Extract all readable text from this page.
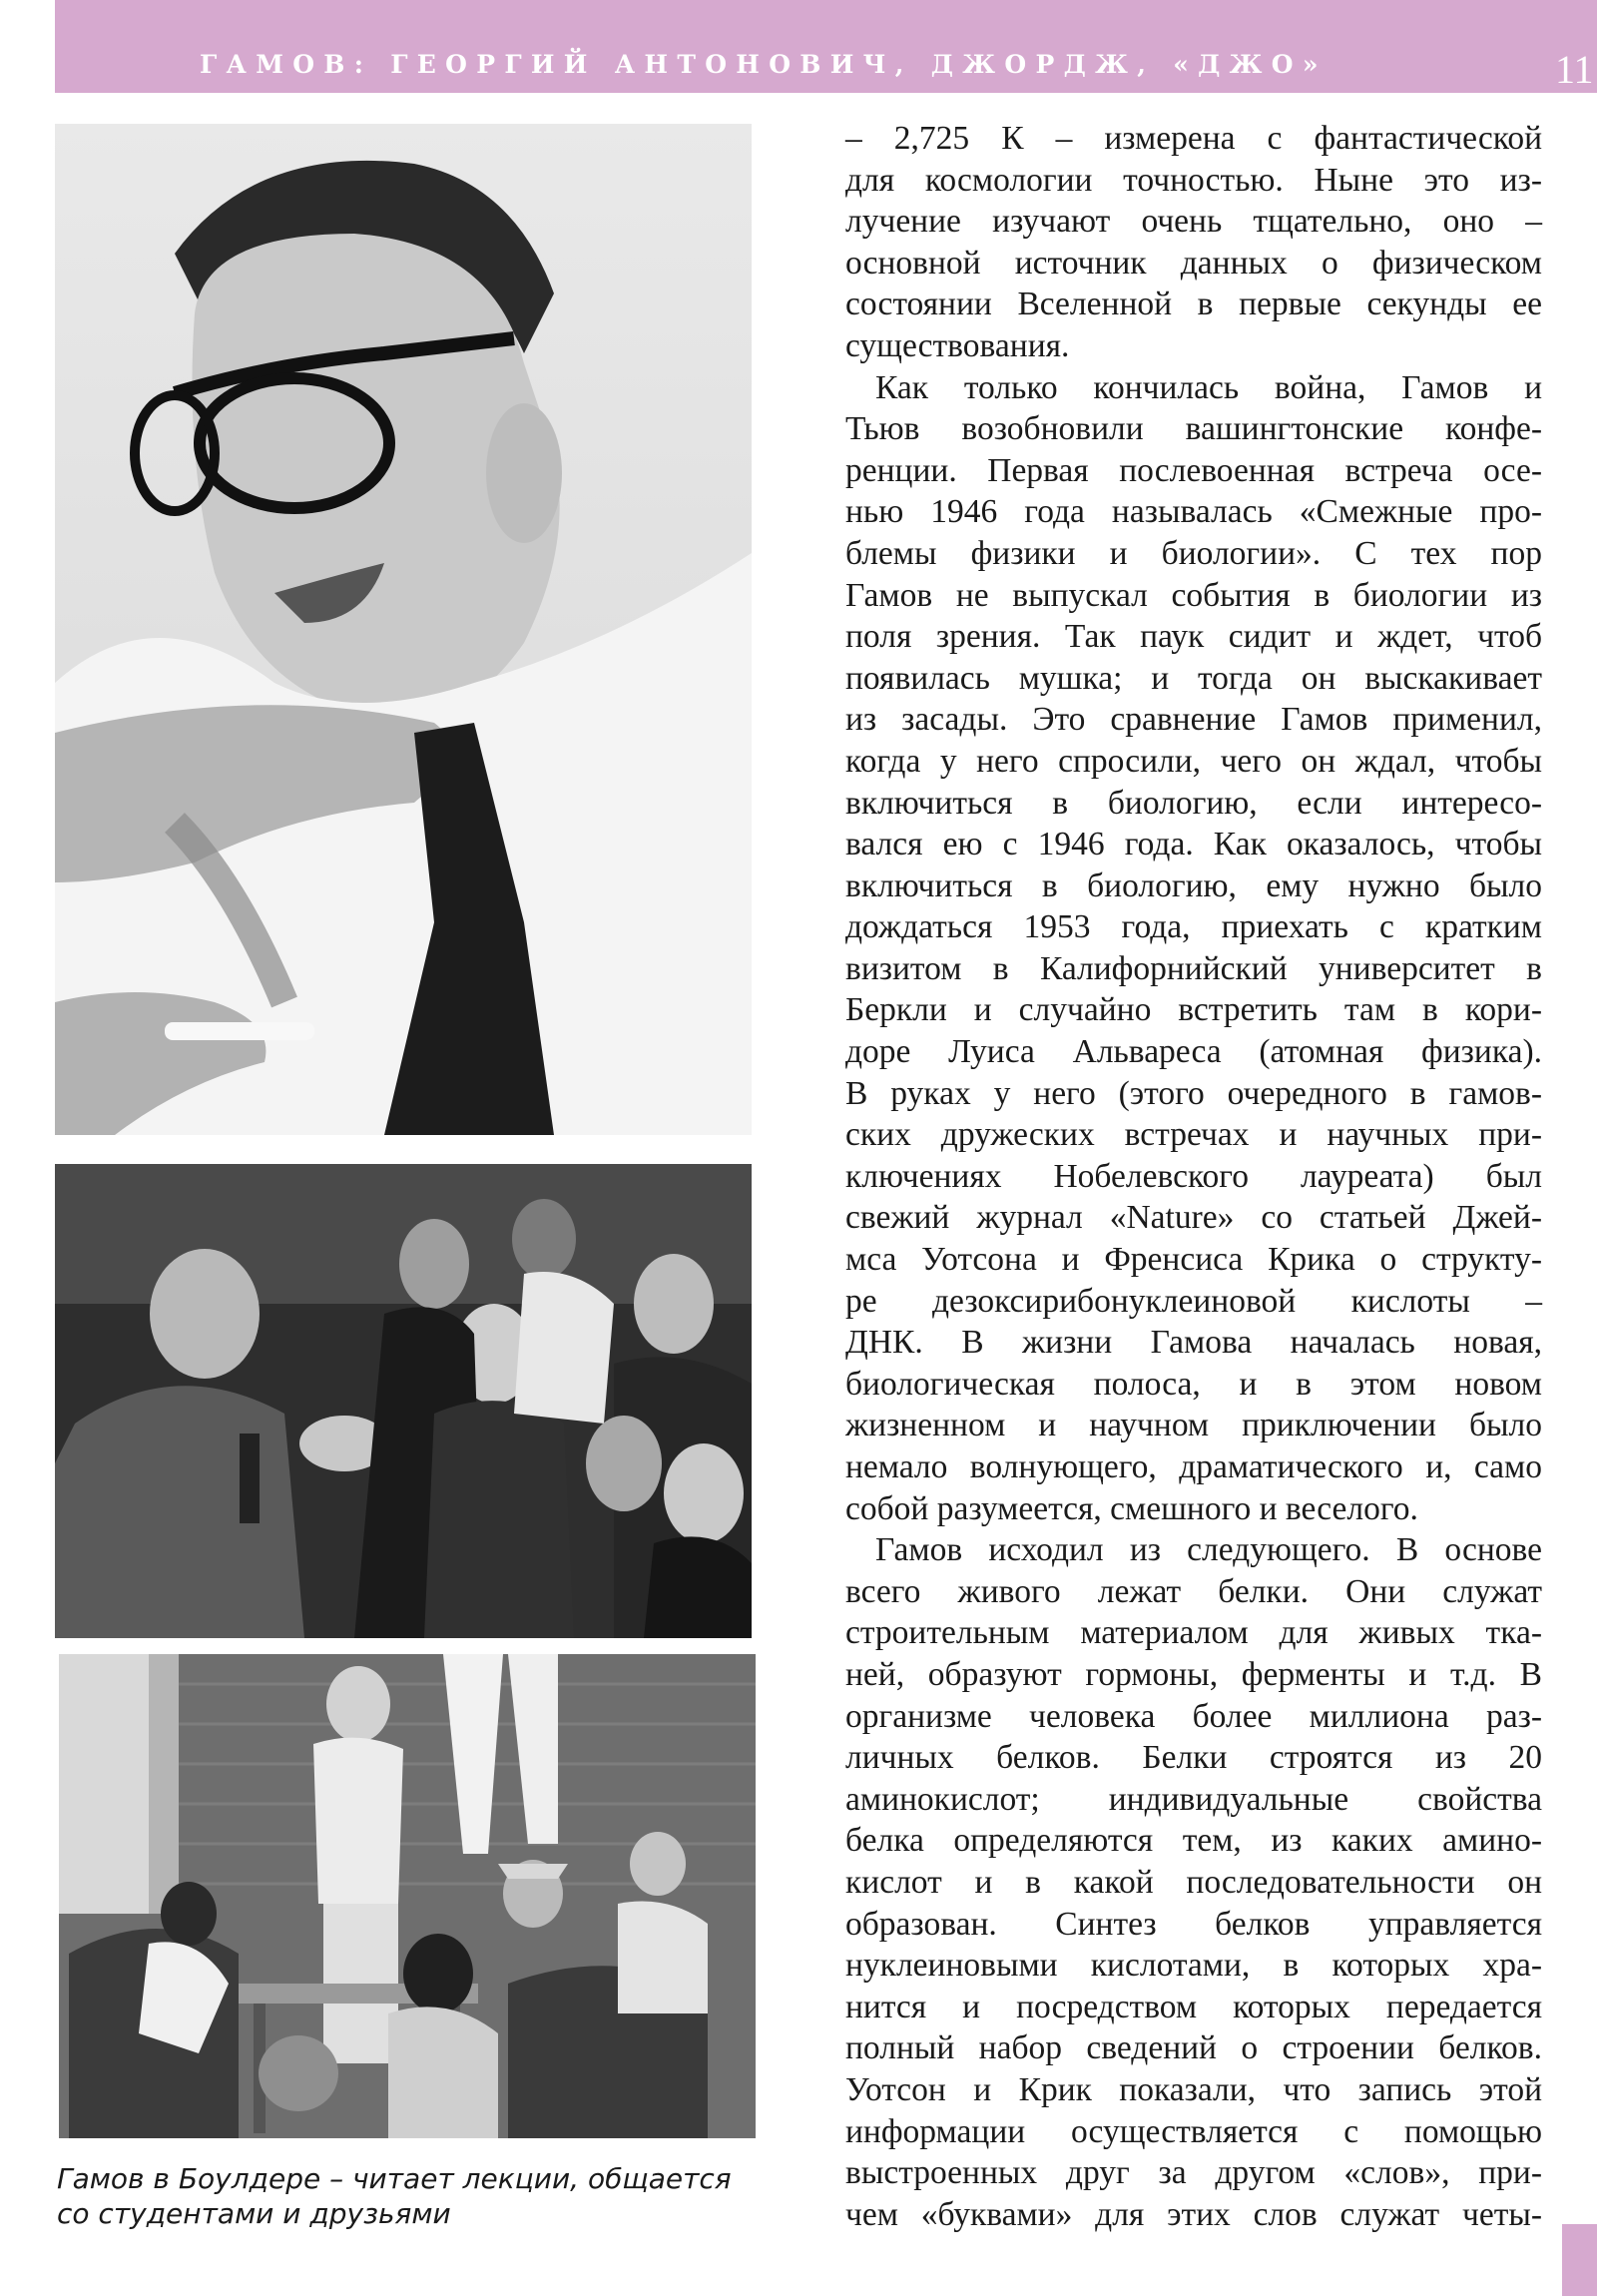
ГАМОВ: ГЕОРГИЙ АНТОНОВИЧ, ДЖОРДЖ, «ДЖО»	11
Гамов в Боулдере – читает лекции, общается
со студентами и друзьями
– 2,725 К – измерена с фантастической
для космологии точностью. Ныне это из-
лучение изучают очень тщательно, оно –
основной источник данных о физическом
состоянии Вселенной в первые секунды ее
существования.
Как только кончилась война, Гамов и
Тьюв возобновили вашингтонские конфе-
ренции. Первая послевоенная встреча осе-
нью 1946 года называлась «Смежные про-
блемы физики и биологии». С тех пор
Гамов не выпускал события в биологии из
поля зрения. Так паук сидит и ждет, чтоб
появилась мушка; и тогда он выскакивает
из засады. Это сравнение Гамов применил,
когда у него спросили, чего он ждал, чтобы
включиться в биологию, если интересо-
вался ею с 1946 года. Как оказалось, чтобы
включиться в биологию, ему нужно было
дождаться 1953 года, приехать с кратким
визитом в Калифорнийский университет в
Беркли и случайно встретить там в кори-
доре Луиса Альвареса (атомная физика).
В руках у него (этого очередного в гамов-
ских дружеских встречах и научных при-
ключениях Нобелевского лауреата) был
свежий журнал «Nature» со статьей Джей-
мса Уотсона и Френсиса Крика о структу-
ре дезоксирибонуклеиновой кислоты –
ДНК. В жизни Гамова началась новая,
биологическая полоса, и в этом новом
жизненном и научном приключении было
немало волнующего, драматического и, само
собой разумеется, смешного и веселого.
Гамов исходил из следующего. В основе
всего живого лежат белки. Они служат
строительным материалом для живых тка-
ней, образуют гормоны, ферменты и т.д. В
организме человека более миллиона раз-
личных белков. Белки строятся из 20
аминокислот; индивидуальные свойства
белка определяются тем, из каких амино-
кислот и в какой последовательности он
образован. Синтез белков управляется
нуклеиновыми кислотами, в которых хра-
нится и посредством которых передается
полный набор сведений о строении белков.
Уотсон и Крик показали, что запись этой
информации осуществляется с помощью
выстроенных друг за другом «слов», при-
чем «буквами» для этих слов служат четы-
